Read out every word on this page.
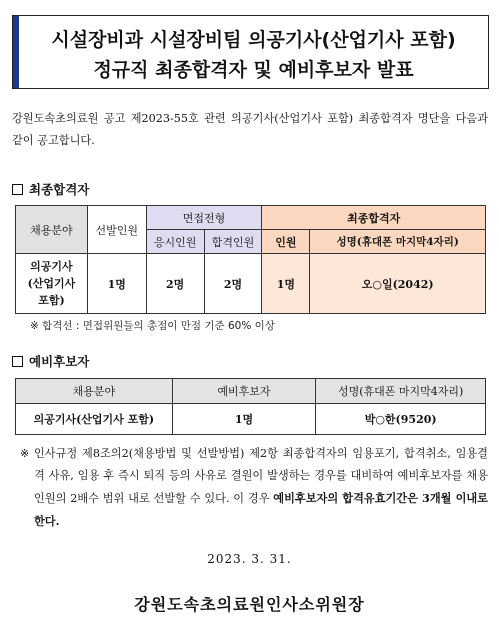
시설장비과 시설장비팀 의공기사(산업기사 포함)
정규직 최종합격자 및 예비후보자 발표
강원도속초의료원 공고 제2023-55호 관련 의공기사(산업기사 포함) 최종합격자 명단을 다음과 같이 공고합니다.
최종합격자
채용분야	선발인원	면접전형		최종합격자	
		응시인원	합격인원	인원	성명(휴대폰 마지막4자리)
의공기사
(산업기사
포함)	1명	2명	2명	1명	오○일(2042)
※ 합격선 : 면접위원들의 총점이 만점 기준 60% 이상
예비후보자
채용분야	예비후보자	성명(휴대폰 마지막4자리)
의공기사(산업기사 포함)	1명	박○한(9520)
※ 인사규정 제8조의2(채용방법 및 선발방법) 제2항 최종합격자의 임용포기, 합격취소, 임용결격 사유, 임용 후 즉시 퇴직 등의 사유로 결원이 발생하는 경우를 대비하여 예비후보자를 채용인원의 2배수 범위 내로 선발할 수 있다. 이 경우 예비후보자의 합격유효기간은 3개월 이내로 한다.
2023. 3. 31.
강원도속초의료원인사소위원장
